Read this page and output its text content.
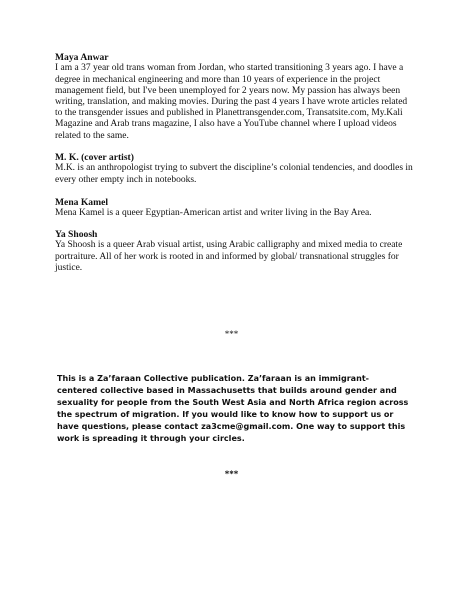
Maya Anwar

I am a 37 year old trans woman from Jordan, who started transitioning 3 years ago. I have a degree in mechanical engineering and more than 10 years of experience in the project management field, but I've been unemployed for 2 years now. My passion has always been writing, translation, and making movies. During the past 4 years I have wrote articles related to the transgender issues and published in Planettransgender.com, Transatsite.com, My.Kali Magazine and Arab trans magazine, I also have a YouTube channel where I upload videos related to the same.

M. K. (cover artist)

M.K. is an anthropologist trying to subvert the discipline’s colonial tendencies, and doodles in every other empty inch in notebooks.

Mena Kamel

Mena Kamel is a queer Egyptian-American artist and writer living in the Bay Area.

Ya Shoosh

Ya Shoosh is a queer Arab visual artist, using Arabic calligraphy and mixed media to create portraiture. All of her work is rooted in and informed by global/ transnational struggles for justice.

***

This is a Za’faraan Collective publication. Za’faraan is an immigrant-centered collective based in Massachusetts that builds around gender and sexuality for people from the South West Asia and North Africa region across the spectrum of migration. If you would like to know how to support us or have questions, please contact za3cme@gmail.com. One way to support this work is spreading it through your circles.

***
